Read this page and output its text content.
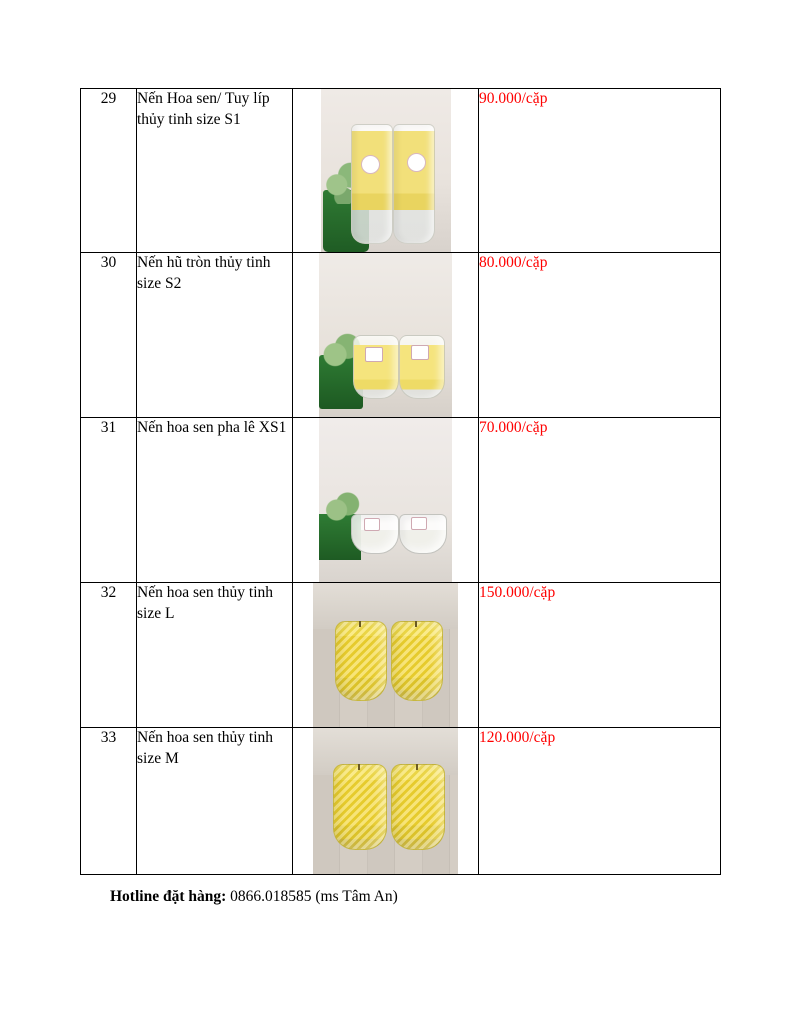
29	Nến Hoa sen/ Tuy líp thủy tinh size S1		90.000/cặp
30	Nến hũ tròn thủy tinh size S2		80.000/cặp
31	Nến hoa sen pha lê XS1		70.000/cặp
32	Nến hoa sen thủy tinh size L		150.000/cặp
33	Nến hoa sen thủy tinh size M		120.000/cặp
Hotline đặt hàng: 0866.018585 (ms Tâm An)
